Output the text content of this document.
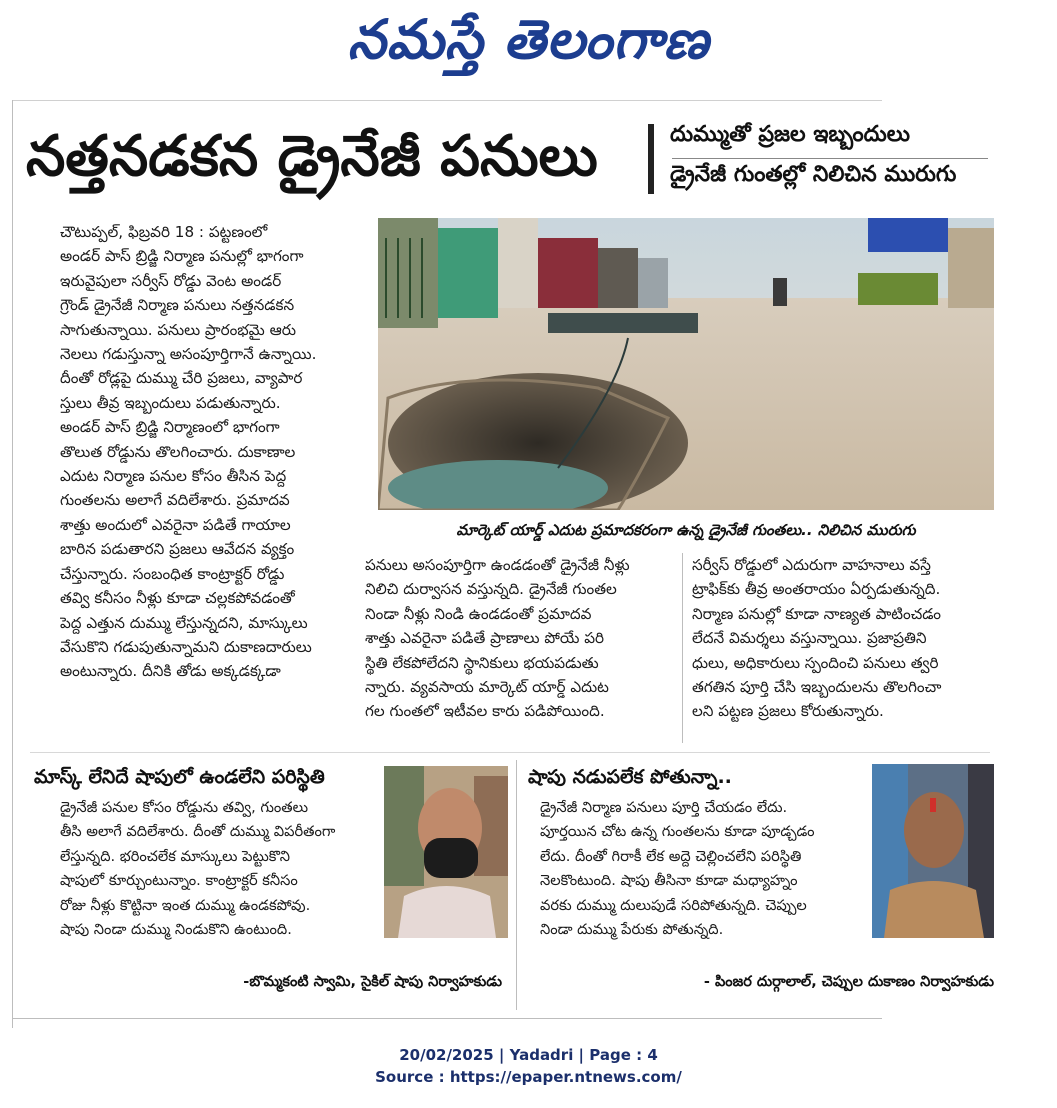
నమస్తే తెలంగాణ
నత్తనడకన డ్రైనేజీ పనులు	దుమ్ముతో ప్రజల ఇబ్బందులు
డ్రైనేజీ గుంతల్లో నిలిచిన మురుగు
చౌటుప్పల్, ఫిబ్రవరి 18 : పట్టణంలో
అండర్ పాస్ బ్రిడ్జి నిర్మాణ పనుల్లో భాగంగా
ఇరువైపులా సర్వీస్ రోడ్డు వెంట అండర్
గ్రౌండ్ డ్రైనేజీ నిర్మాణ పనులు నత్తనడకన
సాగుతున్నాయి. పనులు ప్రారంభమై ఆరు
నెలలు గడుస్తున్నా అసంపూర్తిగానే ఉన్నాయి.
దీంతో రోడ్లపై దుమ్ము చేరి ప్రజలు, వ్యాపార
స్తులు తీవ్ర ఇబ్బందులు పడుతున్నారు.
అండర్ పాస్ బ్రిడ్జి నిర్మాణంలో భాగంగా
తొలుత రోడ్డును తొలగించారు. దుకాణాల
ఎదుట నిర్మాణ పనుల కోసం తీసిన పెద్ద
గుంతలను అలాగే వదిలేశారు. ప్రమాదవ
శాత్తు అందులో ఎవరైనా పడితే గాయాల
బారిన పడుతారని ప్రజలు ఆవేదన వ్యక్తం
చేస్తున్నారు. సంబంధిత కాంట్రాక్టర్ రోడ్డు
తవ్వి కనీసం నీళ్లు కూడా చల్లకపోవడంతో
పెద్ద ఎత్తున దుమ్ము లేస్తున్నదని, మాస్కులు
వేసుకొని గడుపుతున్నామని దుకాణదారులు
అంటున్నారు. దీనికి తోడు అక్కడక్కడా
మార్కెట్ యార్డ్ ఎదుట ప్రమాదకరంగా ఉన్న డ్రైనేజీ గుంతలు.. నిలిచిన మురుగు
పనులు అసంపూర్తిగా ఉండడంతో డ్రైనేజీ నీళ్లు
నిలిచి దుర్వాసన వస్తున్నది. డ్రైనేజీ గుంతల
నిండా నీళ్లు నిండి ఉండడంతో ప్రమాదవ
శాత్తు ఎవరైనా పడితే ప్రాణాలు పోయే పరి
స్థితి లేకపోలేదని స్థానికులు భయపడుతు
న్నారు. వ్యవసాయ మార్కెట్ యార్డ్ ఎదుట
గల గుంతలో ఇటీవల కారు పడిపోయింది.
సర్వీస్ రోడ్డులో ఎదురుగా వాహనాలు వస్తే
ట్రాఫిక్‌కు తీవ్ర అంతరాయం ఏర్పడుతున్నది.
నిర్మాణ పనుల్లో కూడా నాణ్యత పాటించడం
లేదనే విమర్శలు వస్తున్నాయి. ప్రజాప్రతిని
ధులు, అధికారులు స్పందించి పనులు త్వరి
తగతిన పూర్తి చేసి ఇబ్బందులను తొలగించా
లని పట్టణ ప్రజలు కోరుతున్నారు.
మాస్క్ లేనిదే షాపులో ఉండలేని పరిస్థితి
డ్రైనేజీ పనుల కోసం రోడ్డును తవ్వి, గుంతలు
తీసి అలాగే వదిలేశారు. దీంతో దుమ్ము విపరీతంగా
లేస్తున్నది. భరించలేక మాస్కులు పెట్టుకొని
షాపులో కూర్చుంటున్నాం. కాంట్రాక్టర్ కనీసం
రోజు నీళ్లు కొట్టినా ఇంత దుమ్ము ఉండకపోవు.
షాపు నిండా దుమ్ము నిండుకొని ఉంటుంది.
-బొమ్మకంటి స్వామి, సైకిల్ షాపు నిర్వాహకుడు
షాపు నడుపలేక పోతున్నా..
డ్రైనేజీ నిర్మాణ పనులు పూర్తి చేయడం లేదు.
పూర్తయిన చోట ఉన్న గుంతలను కూడా పూడ్చడం
లేదు. దీంతో గిరాకీ లేక అద్దె చెల్లించలేని పరిస్థితి
నెలకొంటుంది. షాపు తీసినా కూడా మధ్యాహ్నం
వరకు దుమ్ము దులుపుడే సరిపోతున్నది. చెప్పుల
నిండా దుమ్ము పేరుకు పోతున్నది.
- పింజర దుర్గాలాల్, చెప్పుల దుకాణం నిర్వాహకుడు
20/02/2025 | Yadadri | Page : 4
Source : https://epaper.ntnews.com/
